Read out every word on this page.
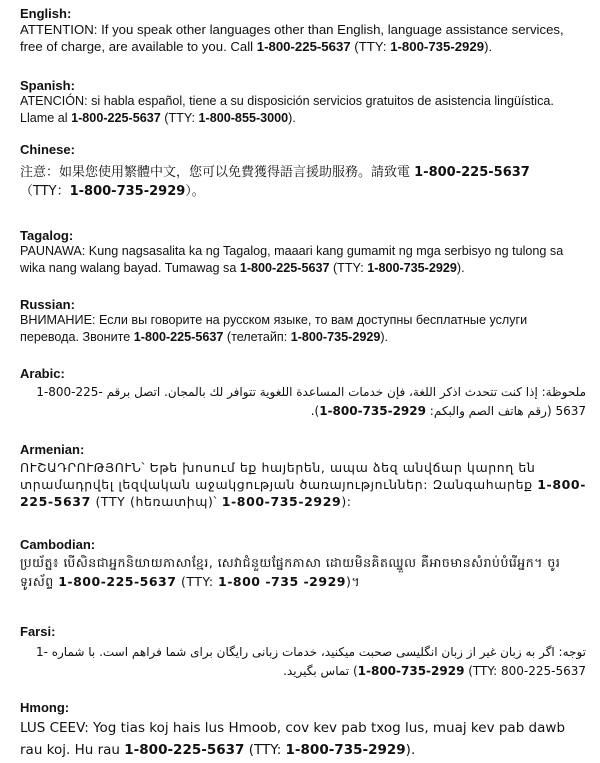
English:

ATTENTION: If you speak other languages other than English, language assistance services, free of charge, are available to you. Call 1-800-225-5637 (TTY: 1-800-735-2929).

Spanish:

ATENCIÓN: si habla español, tiene a su disposición servicios gratuitos de asistencia lingüística. Llame al 1-800-225-5637 (TTY: 1-800-855-3000).

Chinese:

注意：如果您使用繁體中文，您可以免費獲得語言援助服務。請致電 1-800-225-5637
（TTY：1-800-735-2929）。

Tagalog:

PAUNAWA: Kung nagsasalita ka ng Tagalog, maaari kang gumamit ng mga serbisyo ng tulong sa wika nang walang bayad. Tumawag sa 1-800-225-5637 (TTY: 1-800-735-2929).

Russian:

ВНИМАНИЕ: Если вы говорите на русском языке, то вам доступны бесплатные услуги перевода. Звоните 1-800-225-5637 (телетайп: 1-800-735-2929).

Arabic:

ملحوظة: إذا كنت تتحدث اذكر اللغة، فإن خدمات المساعدة اللغوية تتوافر لك بالمجان. اتصل برقم 1-800-225-5637 (رقم هاتف الصم والبكم: 1-800-735-2929).

Armenian:

ՈՒՇԱԴՐՈՒԹՅՈՒՆ՝ Եթե խոսում եք հայերեն, ապա ձեզ անվճար կարող են տրամադրվել լեզվական աջակցության ծառայություններ: Զանգահարեք 1-800-225-5637 (TTY (հեռատիպ)՝ 1-800-735-2929):

Cambodian:

ប្រយ័ត្ន៖ បើសិនជាអ្នកនិយាយភាសាខ្មែរ, សេវាជំនួយផ្នែកភាសា ដោយមិនគិតឈ្នួល គឺអាចមានសំរាប់បំរើអ្នក។ ចូរ ទូរស័ព្ទ 1-800-225-5637 (TTY: 1-800 -735 -2929)។

Farsi:

توجه: اگر به زبان غیر از زبان انگلیسی صحبت میکنید، خدمات زبانی رایگان برای شما فراهم است. با شماره 1-800-225-5637 (TTY: 1-800-735-2929) تماس بگیرید.

Hmong:

LUS CEEV: Yog tias koj hais lus Hmoob, cov kev pab txog lus, muaj kev pab dawb rau koj. Hu rau 1-800-225-5637 (TTY: 1-800-735-2929).
